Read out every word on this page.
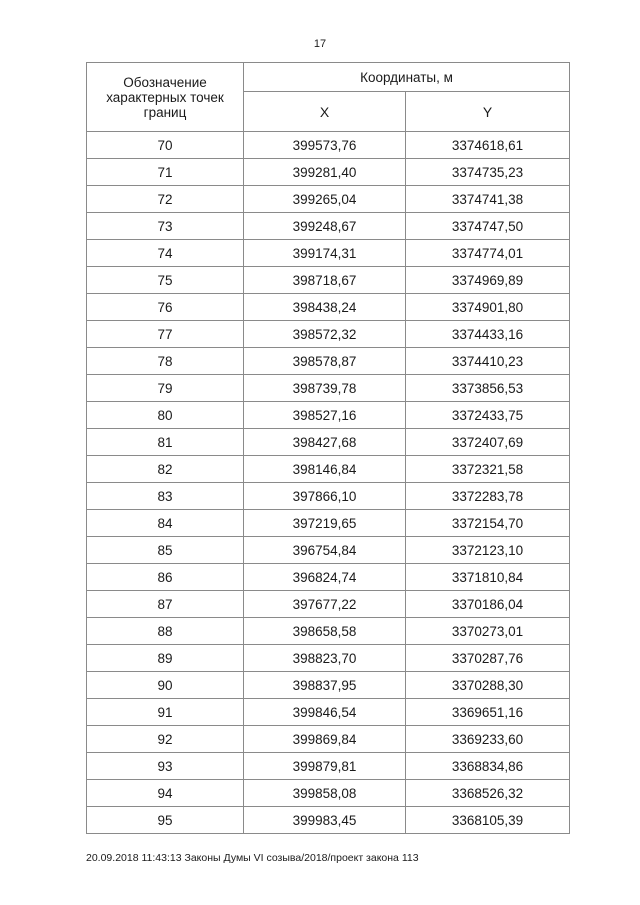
17
Обозначение характерных точек границ	Координаты, м	
	X	Y
70	399573,76	3374618,61
71	399281,40	3374735,23
72	399265,04	3374741,38
73	399248,67	3374747,50
74	399174,31	3374774,01
75	398718,67	3374969,89
76	398438,24	3374901,80
77	398572,32	3374433,16
78	398578,87	3374410,23
79	398739,78	3373856,53
80	398527,16	3372433,75
81	398427,68	3372407,69
82	398146,84	3372321,58
83	397866,10	3372283,78
84	397219,65	3372154,70
85	396754,84	3372123,10
86	396824,74	3371810,84
87	397677,22	3370186,04
88	398658,58	3370273,01
89	398823,70	3370287,76
90	398837,95	3370288,30
91	399846,54	3369651,16
92	399869,84	3369233,60
93	399879,81	3368834,86
94	399858,08	3368526,32
95	399983,45	3368105,39
20.09.2018 11:43:13 Законы Думы VI созыва/2018/проект закона 113
